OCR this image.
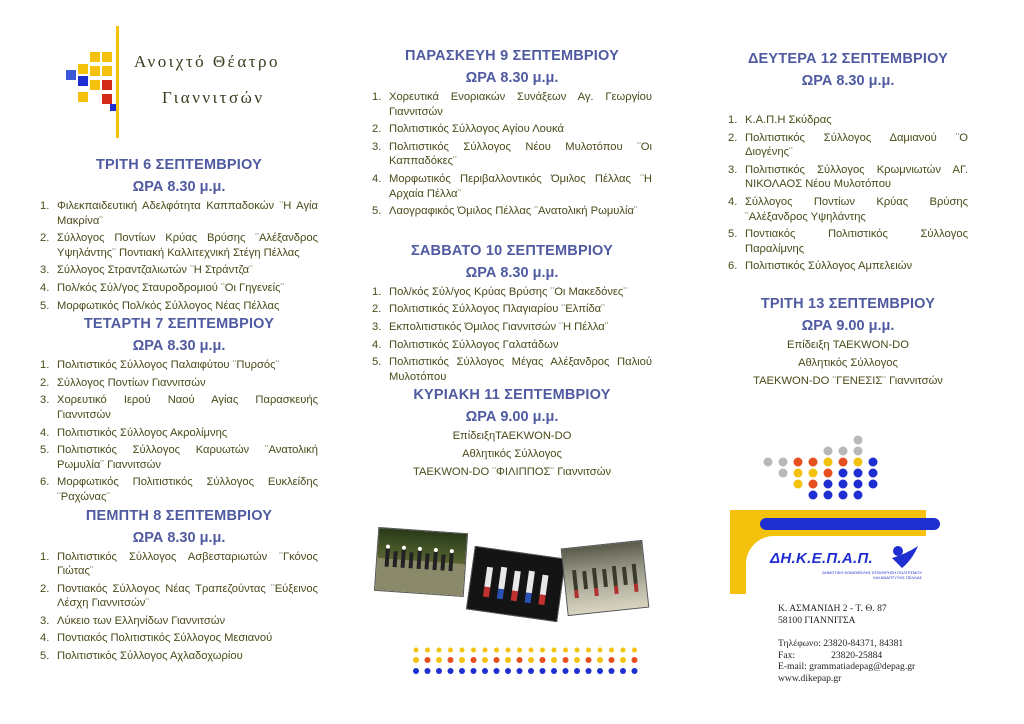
Ανοιχτό Θέατρο
Γιαννιτσών
ΤΡΙΤΗ 6 ΣΕΠΤΕΜΒΡΙΟΥ
ΩΡΑ 8.30 μ.μ.
1. Φιλεκπαιδευτική Αδελφότητα Καππαδοκών ¨Η Αγία Μακρίνα¨
2. Σύλλογος Ποντίων Κρύας Βρύσης ¨Αλέξανδρος Υψηλάντης¨ Ποντιακή Καλλιτεχνική Στέγη Πέλλας
3. Σύλλογος Στραντζαλιωτών ¨Η Στράντζα¨
4. Πολ/κός Σύλ/γος Σταυροδρομιού ¨Οι Γηγενείς¨
5. Μορφωτικός Πολ/κός Σύλλογος Νέας Πέλλας
ΤΕΤΑΡΤΗ 7 ΣΕΠΤΕΜΒΡΙΟΥ
ΩΡΑ 8.30 μ.μ.
1. Πολιτιστικός Σύλλογος Παλαιφύτου ¨Πυρσός¨
2. Σύλλογος Ποντίων Γιαννιτσών
3. Χορευτικό Ιερού Ναού Αγίας Παρασκευής Γιαννιτσών
4. Πολιτιστικός Σύλλογος Ακρολίμνης
5. Πολιτιστικός Σύλλογος Καρυωτών ¨Ανατολική Ρωμυλία¨ Γιαννιτσών
6. Μορφωτικός Πολιτιστικός Σύλλογος Ευκλείδης ¨Ραχώνας¨
ΠΕΜΠΤΗ 8 ΣΕΠΤΕΜΒΡΙΟΥ
ΩΡΑ 8.30 μ.μ.
1. Πολιτιστικός Σύλλογος Ασβεσταριωτών ¨Γκόνος Γιώτας¨
2. Ποντιακός Σύλλογος Νέας Τραπεζούντας ¨Εύξεινος Λέσχη Γιαννιτσών¨
3. Λύκειο των Ελληνίδων Γιαννιτσών
4. Ποντιακός Πολιτιστικός Σύλλογος Μεσιανού
5. Πολιτιστικός Σύλλογος Αχλαδοχωρίου
ΠΑΡΑΣΚΕΥΗ 9 ΣΕΠΤΕΜΒΡΙΟΥ
ΩΡΑ 8.30 μ.μ.
1. Χορευτικά Ενοριακών Συνάξεων Αγ. Γεωργίου Γιαννιτσών
2. Πολιτιστικός Σύλλογος Αγίου Λουκά
3. Πολιτιστικός Σύλλογος Νέου Μυλοτόπου ¨Οι Καππαδόκες¨
4. Μορφωτικός Περιβαλλοντικός Όμιλος Πέλλας ¨Η Αρχαία Πέλλα¨
5. Λαογραφικός Όμιλος Πέλλας ¨Ανατολική Ρωμυλία¨
ΣΑΒΒΑΤΟ 10 ΣΕΠΤΕΜΒΡΙΟΥ
ΩΡΑ 8.30 μ.μ.
1. Πολ/κός Σύλ/γος Κρύας Βρύσης ¨Οι Μακεδόνες¨
2. Πολιτιστικός Σύλλογος Πλαγιαρίου ¨Ελπίδα¨
3. Εκπολιτιστικός Όμιλος Γιαννιτσών ¨Η Πέλλα¨
4. Πολιτιστικός Σύλλογος Γαλατάδων
5. Πολιτιστικός Σύλλογος Μέγας Αλέξανδρος Παλιού Μυλοτόπου
ΚΥΡΙΑΚΗ 11 ΣΕΠΤΕΜΒΡΙΟΥ
ΩΡΑ 9.00 μ.μ.
ΕπίδειξηTAEKWON-DO
Αθλητικός Σύλλογος
TAEKWON-DO ¨ΦΙΛΙΠΠΟΣ¨ Γιαννιτσών
ΔΕΥΤΕΡΑ 12 ΣΕΠΤΕΜΒΡΙΟΥ
ΩΡΑ 8.30 μ.μ.
1. Κ.Α.Π.Η Σκύδρας
2. Πολιτιστικός Σύλλογος Δαμιανού ¨Ο Διογένης¨
3. Πολιτιστικός Σύλλογος Κρωμνιωτών ΑΓ. ΝΙΚΟΛΑΟΣ Νέου Μυλοτόπου
4. Σύλλογος Ποντίων Κρύας Βρύσης ¨Αλέξανδρος Υψηλάντης
5. Ποντιακός Πολιτιστικός Σύλλογος Παραλίμνης
6. Πολιτιστικός Σύλλογος Αμπελειών
ΤΡΙΤΗ 13 ΣΕΠΤΕΜΒΡΙΟΥ
ΩΡΑ 9.00 μ.μ.
Επίδειξη TAEKWON-DO
Αθλητικός Σύλλογος
TAEKWON-DO ¨ΓΕΝΕΣΙΣ¨ Γιαννιτσών
ΔΗ.Κ.Ε.Π.Α.Π.
ΔΗΜΟΤΙΚΗ ΚΟΙΝΩΦΕΛΗΣ ΕΠΙΧΕΙΡΗΣΗ ΠΟΛΙΤΙΣΜΟΥ ΚΑΙ ΑΝΑΠΤΥΞΗΣ ΠΕΛΛΑΣ
Κ. ΑΣΜΑΝΙΔΗ 2 - Τ. Θ. 87
58100 ΓΙΑΝΝΙΤΣΑ
Τηλέφωνο: 23820-84371, 84381
Fax:	23820-25884
E-mail: grammatiadepag@depag.gr
www.dikepap.gr
